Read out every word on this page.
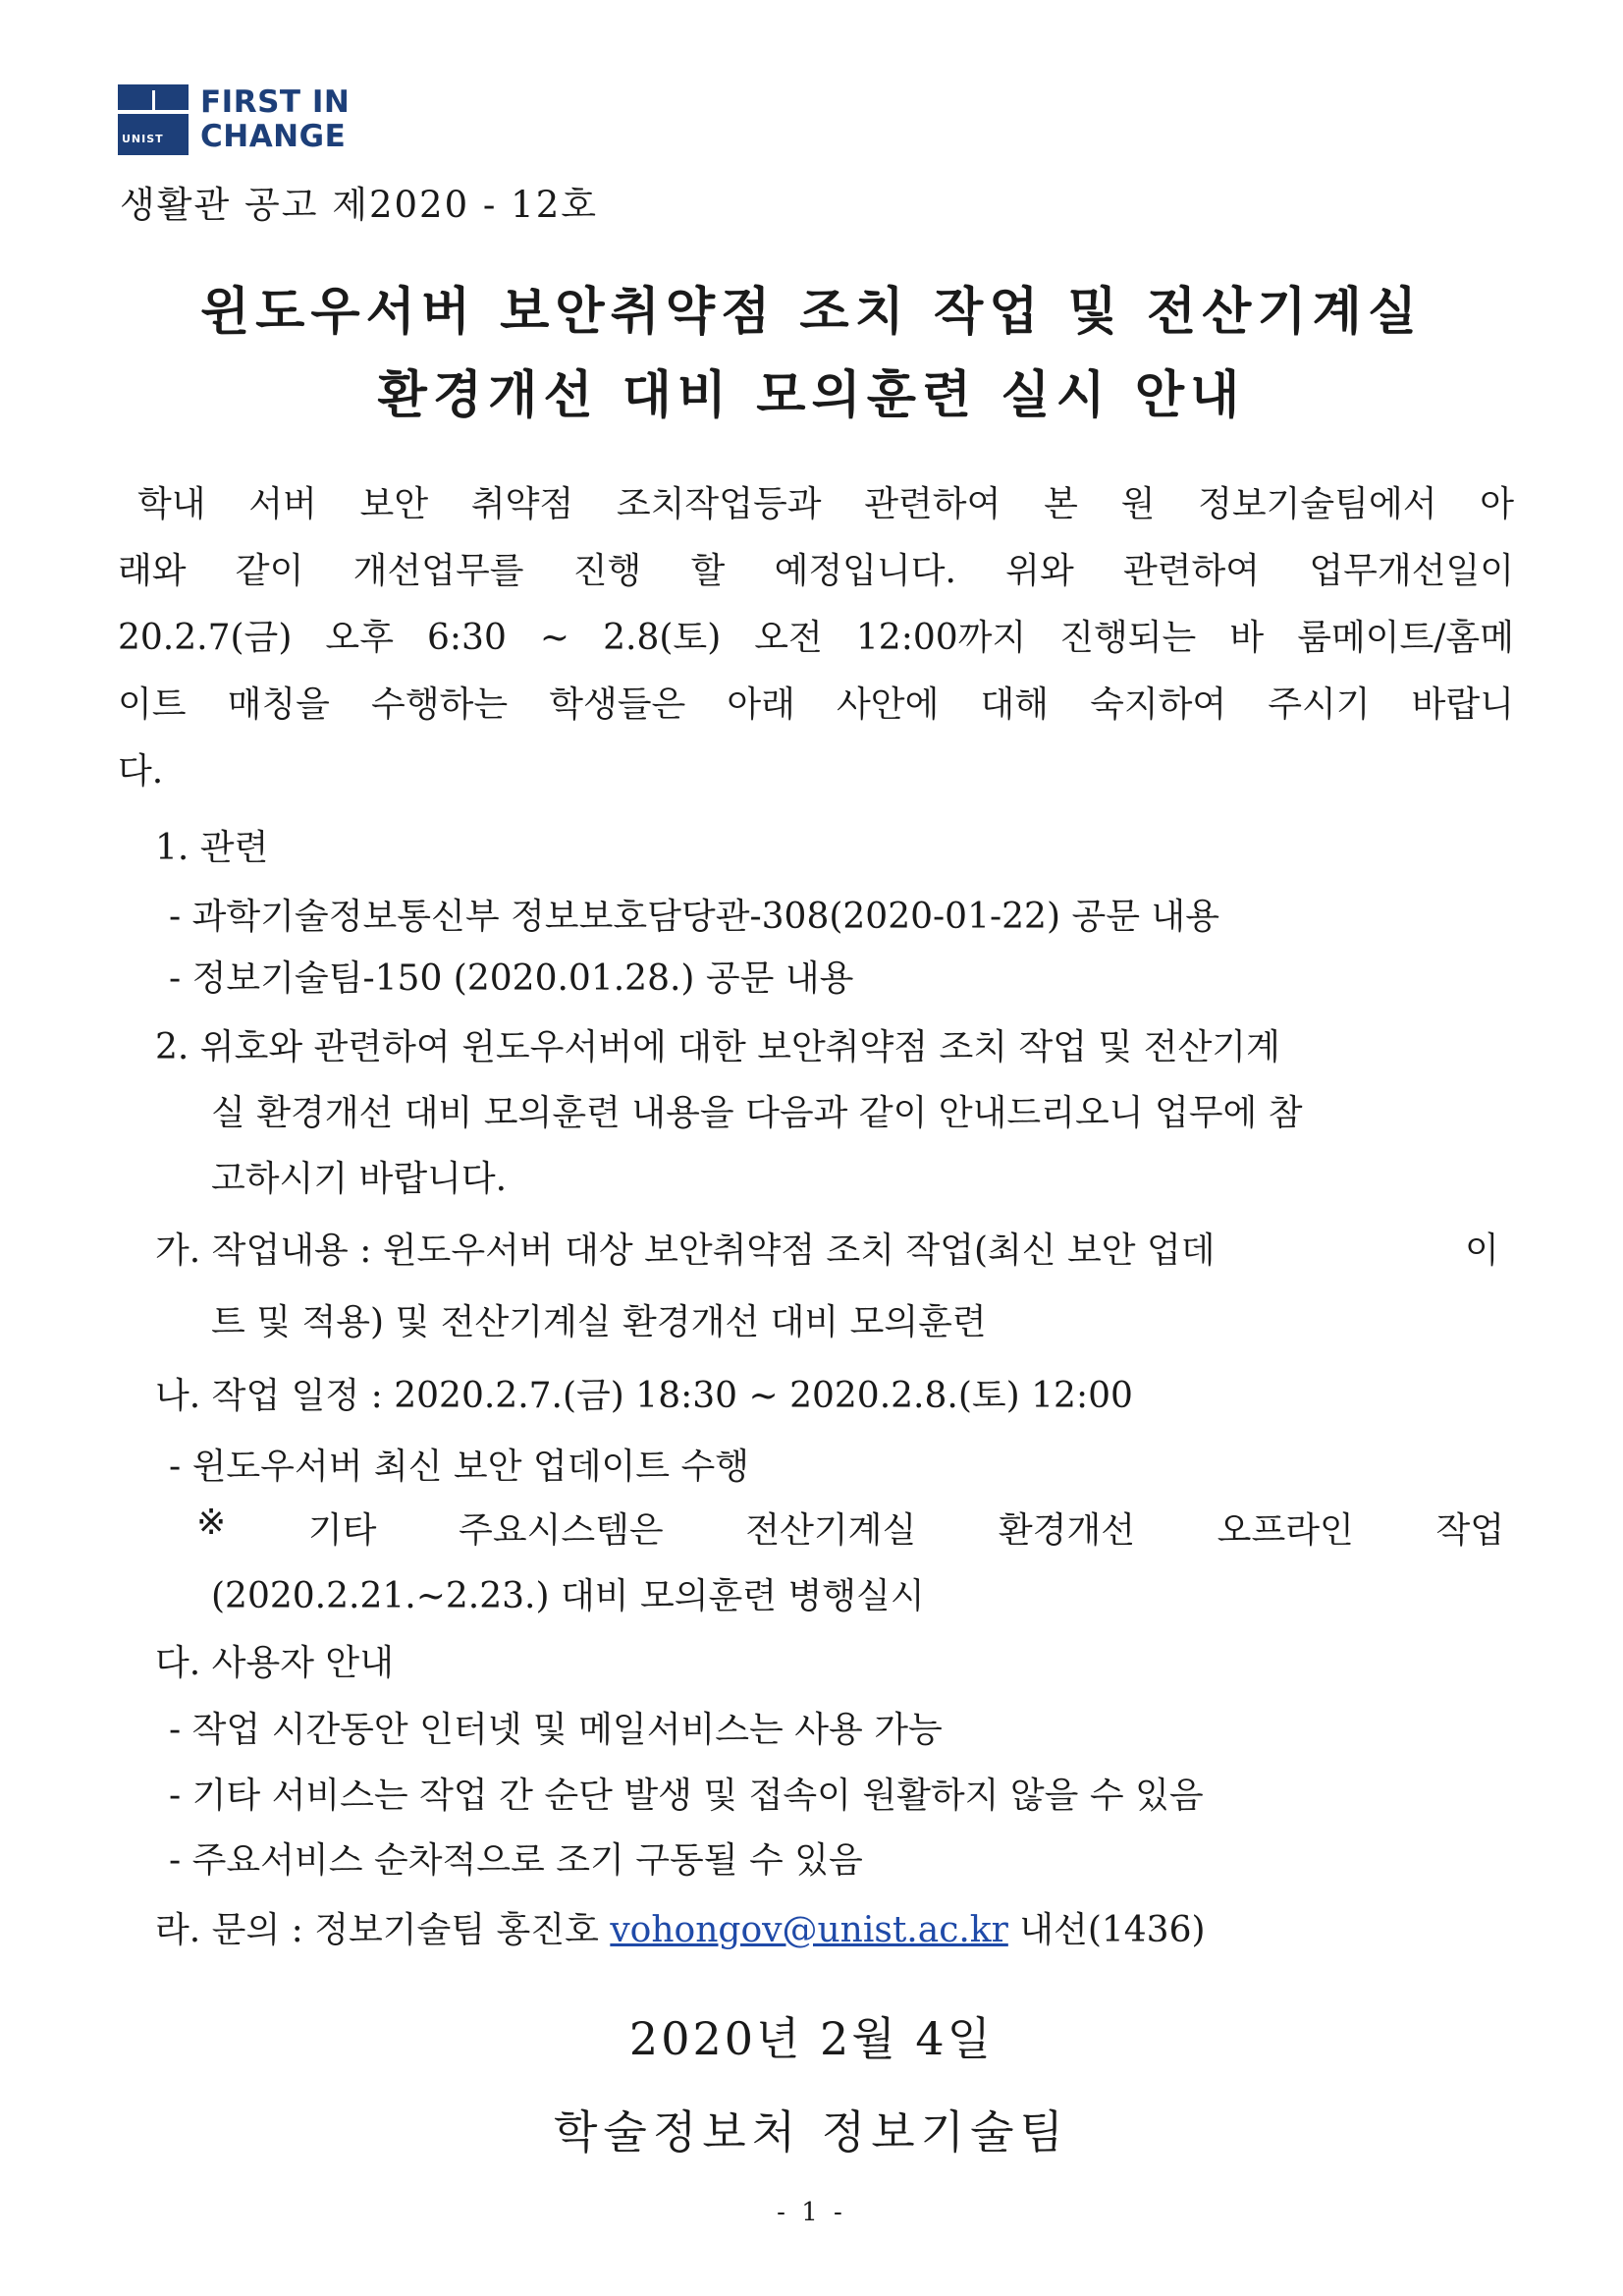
UNIST
FIRST IN
CHANGE
생활관 공고 제2020 - 12호
윈도우서버 보안취약점 조치 작업 및 전산기계실
환경개선 대비 모의훈련 실시 안내
학내 서버 보안 취약점 조치작업등과 관련하여 본 원 정보기술팀에서 아
래와 같이 개선업무를 진행 할 예정입니다. 위와 관련하여 업무개선일이
20.2.7(금) 오후 6:30 ~ 2.8(토) 오전 12:00까지 진행되는 바 룸메이트/홈메
이트 매칭을 수행하는 학생들은 아래 사안에 대해 숙지하여 주시기 바랍니
다.
1. 관련
- 과학기술정보통신부 정보보호담당관-308(2020-01-22) 공문 내용
- 정보기술팀-150 (2020.01.28.) 공문 내용
2. 위호와 관련하여 윈도우서버에 대한 보안취약점 조치 작업 및 전산기계
실 환경개선 대비 모의훈련 내용을 다음과 같이 안내드리오니 업무에 참
고하시기 바랍니다.
가. 작업내용 : 윈도우서버 대상 보안취약점 조치 작업(최신 보안 업데	이
트 및 적용) 및 전산기계실 환경개선 대비 모의훈련
나. 작업 일정 : 2020.2.7.(금) 18:30 ~ 2020.2.8.(토) 12:00
- 윈도우서버 최신 보안 업데이트 수행
※ 기타 주요시스템은 전산기계실 환경개선 오프라인 작업
(2020.2.21.~2.23.) 대비 모의훈련 병행실시
다. 사용자 안내
- 작업 시간동안 인터넷 및 메일서비스는 사용 가능
- 기타 서비스는 작업 간 순단 발생 및 접속이 원활하지 않을 수 있음
- 주요서비스 순차적으로 조기 구동될 수 있음
라. 문의 : 정보기술팀 홍진호 vohongov@unist.ac.kr 내선(1436)
2020년 2월 4일
학술정보처 정보기술팀
- 1 -
